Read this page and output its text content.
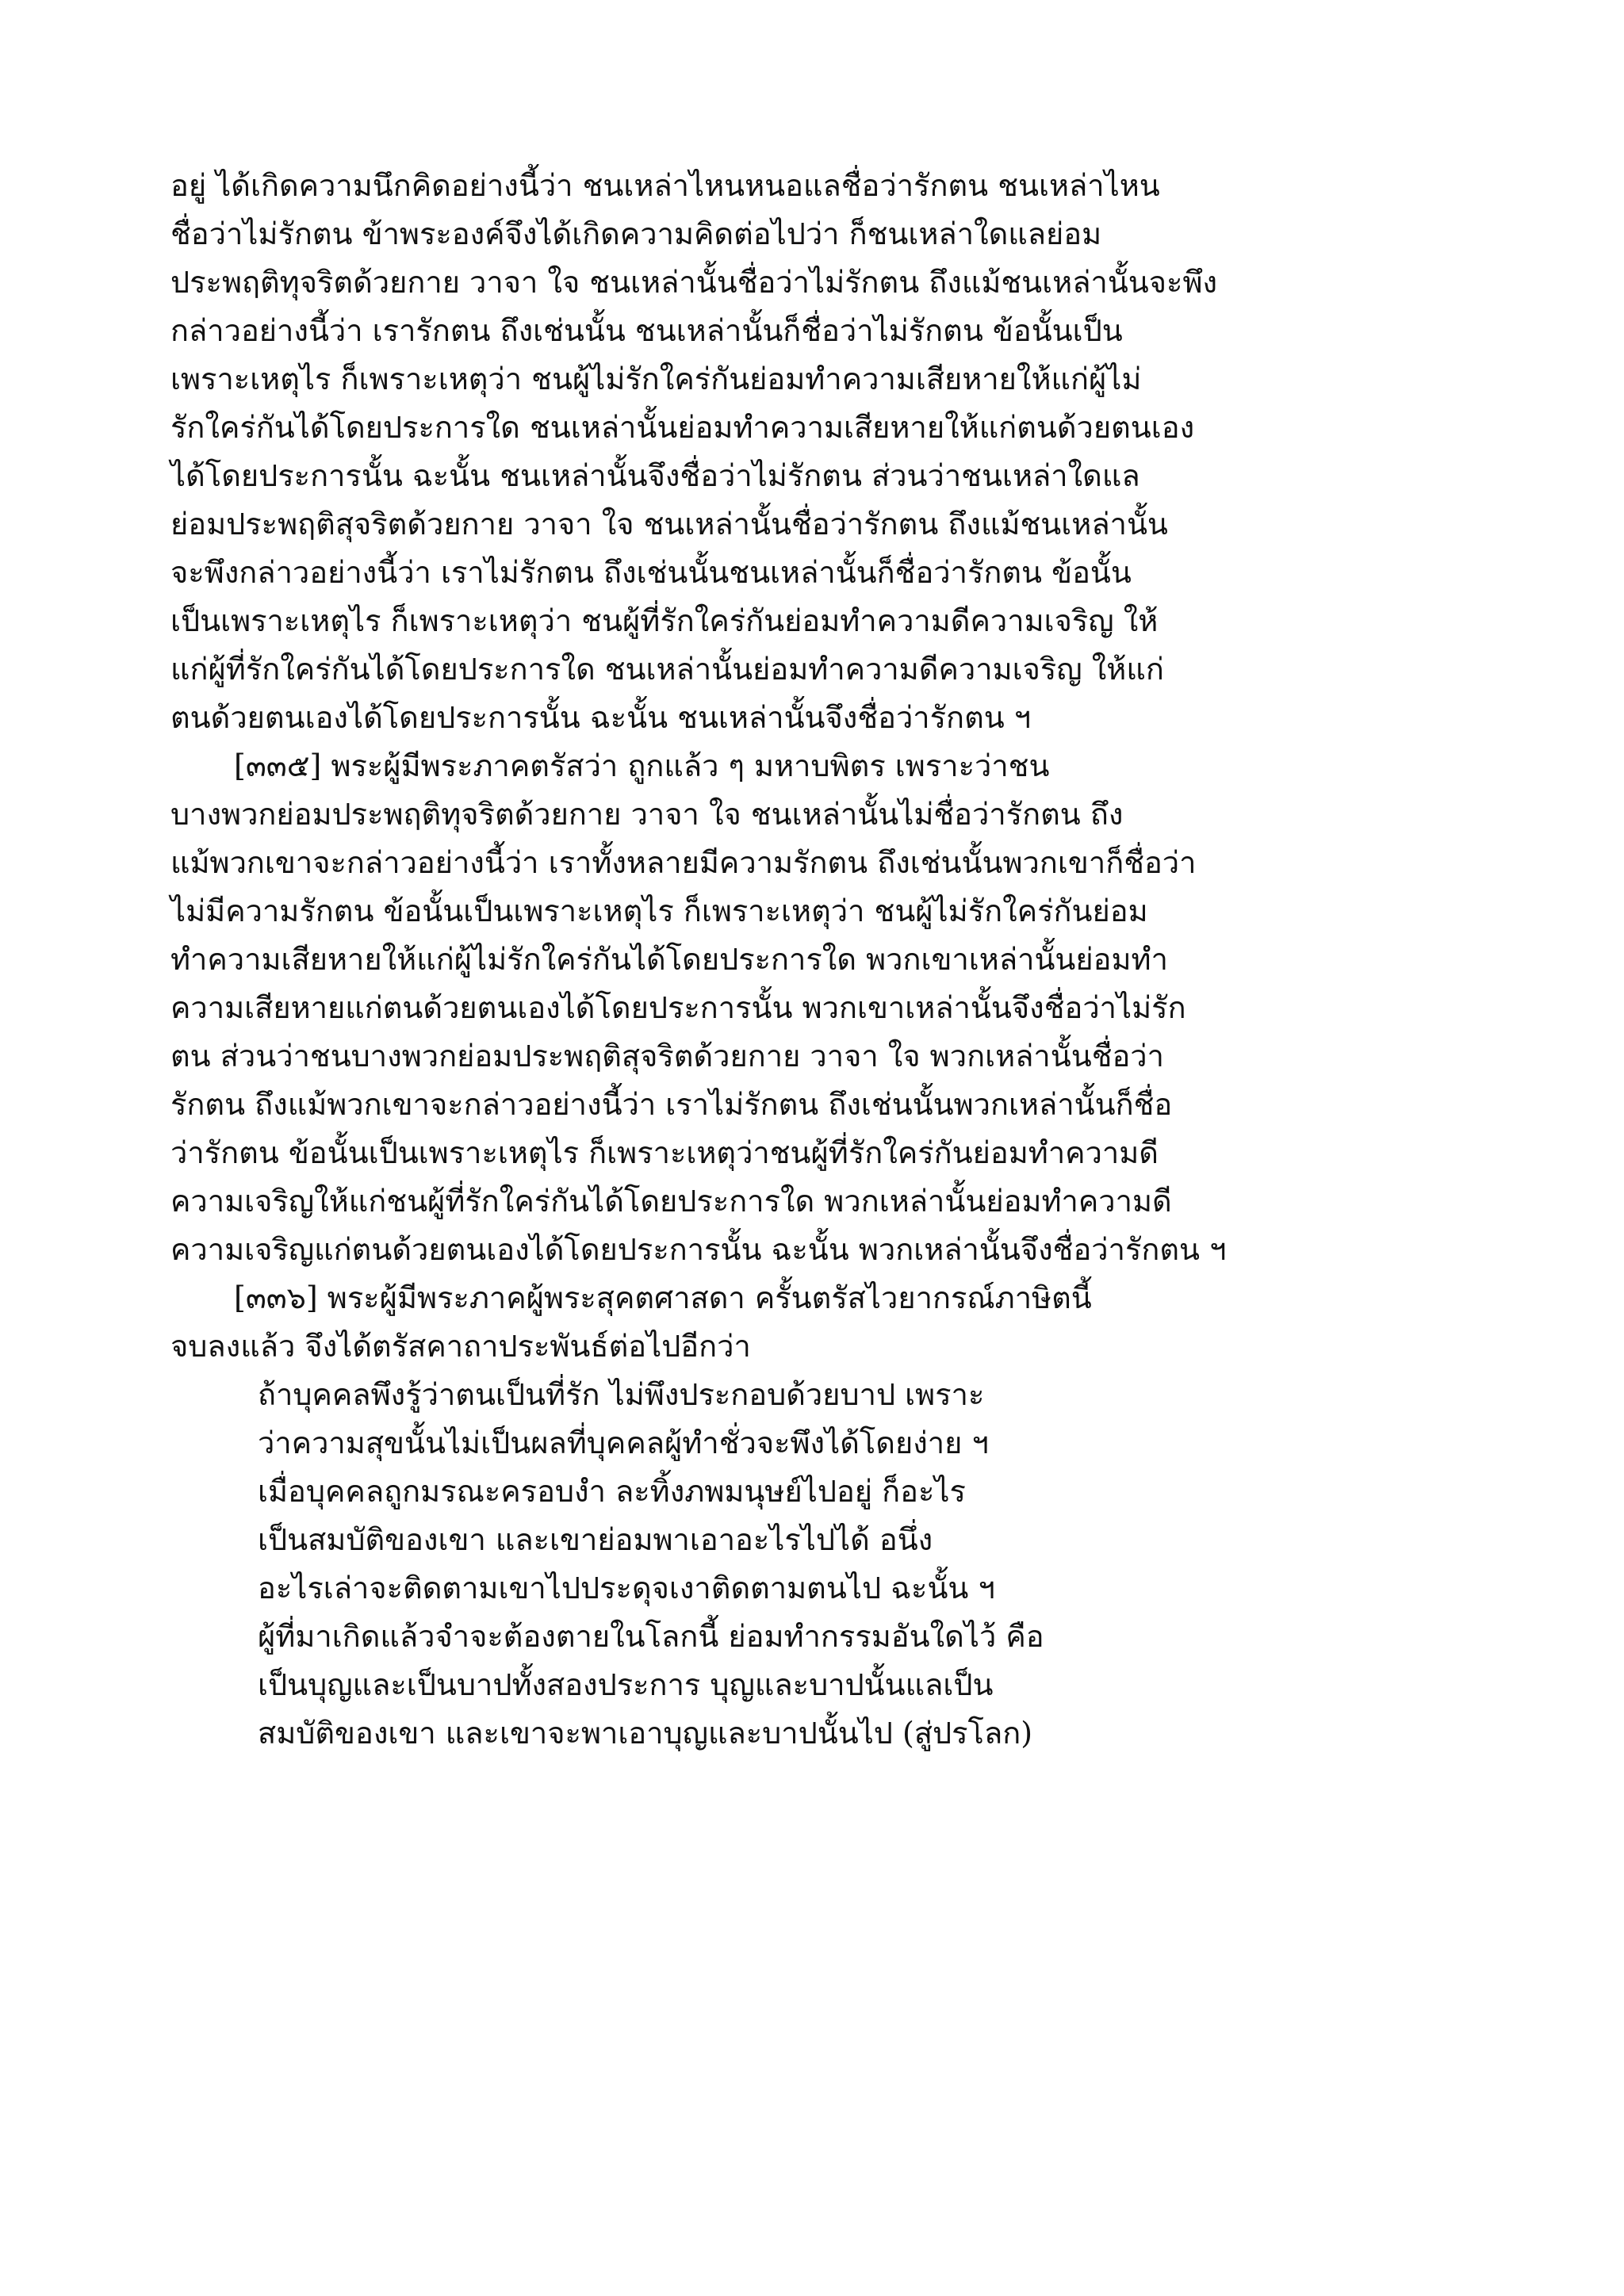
อยู่ ได้เกิดความนึกคิดอย่างนี้ว่า ชนเหล่าไหนหนอแลชื่อว่ารักตน ชนเหล่าไหน
ชื่อว่าไม่รักตน ข้าพระองค์จึงได้เกิดความคิดต่อไปว่า ก็ชนเหล่าใดแลย่อม
ประพฤติทุจริตด้วยกาย วาจา ใจ ชนเหล่านั้นชื่อว่าไม่รักตน ถึงแม้ชนเหล่านั้นจะพึง
กล่าวอย่างนี้ว่า เรารักตน ถึงเช่นนั้น ชนเหล่านั้นก็ชื่อว่าไม่รักตน ข้อนั้นเป็น
เพราะเหตุไร ก็เพราะเหตุว่า ชนผู้ไม่รักใคร่กันย่อมทำความเสียหายให้แก่ผู้ไม่
รักใคร่กันได้โดยประการใด ชนเหล่านั้นย่อมทำความเสียหายให้แก่ตนด้วยตนเอง
ได้โดยประการนั้น ฉะนั้น ชนเหล่านั้นจึงชื่อว่าไม่รักตน ส่วนว่าชนเหล่าใดแล
ย่อมประพฤติสุจริตด้วยกาย วาจา ใจ ชนเหล่านั้นชื่อว่ารักตน ถึงแม้ชนเหล่านั้น
จะพึงกล่าวอย่างนี้ว่า เราไม่รักตน ถึงเช่นนั้นชนเหล่านั้นก็ชื่อว่ารักตน ข้อนั้น
เป็นเพราะเหตุไร ก็เพราะเหตุว่า ชนผู้ที่รักใคร่กันย่อมทำความดีความเจริญ ให้
แก่ผู้ที่รักใคร่กันได้โดยประการใด ชนเหล่านั้นย่อมทำความดีความเจริญ ให้แก่
ตนด้วยตนเองได้โดยประการนั้น ฉะนั้น ชนเหล่านั้นจึงชื่อว่ารักตน ฯ
[๓๓๕] พระผู้มีพระภาคตรัสว่า ถูกแล้ว ๆ มหาบพิตร เพราะว่าชน
บางพวกย่อมประพฤติทุจริตด้วยกาย วาจา ใจ ชนเหล่านั้นไม่ชื่อว่ารักตน ถึง
แม้พวกเขาจะกล่าวอย่างนี้ว่า เราทั้งหลายมีความรักตน ถึงเช่นนั้นพวกเขาก็ชื่อว่า
ไม่มีความรักตน ข้อนั้นเป็นเพราะเหตุไร ก็เพราะเหตุว่า ชนผู้ไม่รักใคร่กันย่อม
ทำความเสียหายให้แก่ผู้ไม่รักใคร่กันได้โดยประการใด พวกเขาเหล่านั้นย่อมทำ
ความเสียหายแก่ตนด้วยตนเองได้โดยประการนั้น พวกเขาเหล่านั้นจึงชื่อว่าไม่รัก
ตน ส่วนว่าชนบางพวกย่อมประพฤติสุจริตด้วยกาย วาจา ใจ พวกเหล่านั้นชื่อว่า
รักตน ถึงแม้พวกเขาจะกล่าวอย่างนี้ว่า เราไม่รักตน ถึงเช่นนั้นพวกเหล่านั้นก็ชื่อ
ว่ารักตน ข้อนั้นเป็นเพราะเหตุไร ก็เพราะเหตุว่าชนผู้ที่รักใคร่กันย่อมทำความดี
ความเจริญให้แก่ชนผู้ที่รักใคร่กันได้โดยประการใด พวกเหล่านั้นย่อมทำความดี
ความเจริญแก่ตนด้วยตนเองได้โดยประการนั้น ฉะนั้น พวกเหล่านั้นจึงชื่อว่ารักตน ฯ
[๓๓๖] พระผู้มีพระภาคผู้พระสุคตศาสดา ครั้นตรัสไวยากรณ์ภาษิตนี้
จบลงแล้ว จึงได้ตรัสคาถาประพันธ์ต่อไปอีกว่า
ถ้าบุคคลพึงรู้ว่าตนเป็นที่รัก ไม่พึงประกอบด้วยบาป เพราะ
ว่าความสุขนั้นไม่เป็นผลที่บุคคลผู้ทำชั่วจะพึงได้โดยง่าย ฯ
เมื่อบุคคลถูกมรณะครอบงำ ละทิ้งภพมนุษย์ไปอยู่ ก็อะไร
เป็นสมบัติของเขา และเขาย่อมพาเอาอะไรไปได้ อนึ่ง
อะไรเล่าจะติดตามเขาไปประดุจเงาติดตามตนไป ฉะนั้น ฯ
ผู้ที่มาเกิดแล้วจำจะต้องตายในโลกนี้ ย่อมทำกรรมอันใดไว้ คือ
เป็นบุญและเป็นบาปทั้งสองประการ บุญและบาปนั้นแลเป็น
สมบัติของเขา และเขาจะพาเอาบุญและบาปนั้นไป (สู่ปรโลก)
